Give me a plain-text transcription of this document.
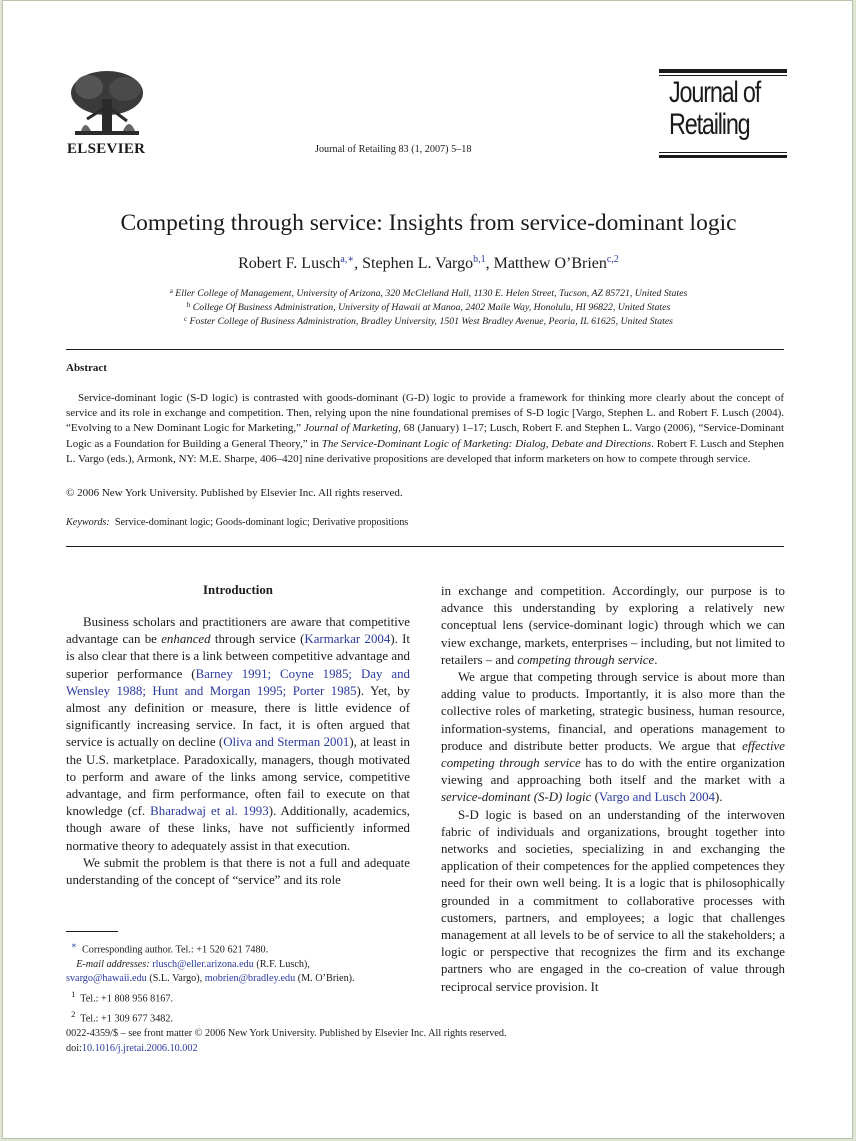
ELSEVIER	Journal of Retailing 83 (1, 2007) 5–18
Journal of
Retailing
Competing through service: Insights from service-dominant logic
Robert F. Lusch$^{a,∗}$, Stephen L. Vargo$^{b,1}$, Matthew O’Brien$^{c,2}$
$^a$ Eller College of Management, University of Arizona, 320 McClelland Hall, 1130 E. Helen Street, Tucson, AZ 85721, United States
$^b$ College Of Business Administration, University of Hawaii at Manoa, 2402 Maile Way, Honolulu, HI 96822, United States
$^c$ Foster College of Business Administration, Bradley University, 1501 West Bradley Avenue, Peoria, IL 61625, United States
Abstract

Service-dominant logic (S-D logic) is contrasted with goods-dominant (G-D) logic to provide a framework for thinking more clearly about the concept of service and its role in exchange and competition. Then, relying upon the nine foundational premises of S-D logic [Vargo, Stephen L. and Robert F. Lusch (2004). “Evolving to a New Dominant Logic for Marketing,” Journal of Marketing, 68 (January) 1–17; Lusch, Robert F. and Stephen L. Vargo (2006), “Service-Dominant Logic as a Foundation for Building a General Theory,” in The Service-Dominant Logic of Marketing: Dialog, Debate and Directions. Robert F. Lusch and Stephen L. Vargo (eds.), Armonk, NY: M.E. Sharpe, 406–420] nine derivative propositions are developed that inform marketers on how to compete through service.

© 2006 New York University. Published by Elsevier Inc. All rights reserved.
Keywords: Service-dominant logic; Goods-dominant logic; Derivative propositions
Introduction

Business scholars and practitioners are aware that competitive advantage can be enhanced through service (Karmarkar 2004). It is also clear that there is a link between competitive advantage and superior performance (Barney 1991; Coyne 1985; Day and Wensley 1988; Hunt and Morgan 1995; Porter 1985). Yet, by almost any definition or measure, there is little evidence of significantly increasing service. In fact, it is often argued that service is actually on decline (Oliva and Sterman 2001), at least in the U.S. marketplace. Paradoxically, managers, though motivated to perform and aware of the links among service, competitive advantage, and firm performance, often fail to execute on that knowledge (cf. Bharadwaj et al. 1993). Additionally, academics, though aware of these links, have not sufficiently informed normative theory to adequately assist in that execution.

We submit the problem is that there is not a full and adequate understanding of the concept of “service” and its role

∗ Corresponding author. Tel.: +1 520 621 7480.
E-mail addresses: rlusch@eller.arizona.edu (R.F. Lusch),
svargo@hawaii.edu (S.L. Vargo), mobrien@bradley.edu (M. O’Brien).
$^1$ Tel.: +1 808 956 8167.
$^2$ Tel.: +1 309 677 3482.

in exchange and competition. Accordingly, our purpose is to advance this understanding by exploring a relatively new conceptual lens (service-dominant logic) through which we can view exchange, markets, enterprises – including, but not limited to retailers – and competing through service.

We argue that competing through service is about more than adding value to products. Importantly, it is also more than the collective roles of marketing, strategic business, human resource, information-systems, financial, and operations management to produce and distribute better products. We argue that effective competing through service has to do with the entire organization viewing and approaching both itself and the market with a service-dominant (S-D) logic (Vargo and Lusch 2004).

S-D logic is based on an understanding of the interwoven fabric of individuals and organizations, brought together into networks and societies, specializing in and exchanging the application of their competences for the applied competences they need for their own well being. It is a logic that is philosophically grounded in a commitment to collaborative processes with customers, partners, and employees; a logic that challenges management at all levels to be of service to all the stakeholders; a logic or perspective that recognizes the firm and its exchange partners who are engaged in the co-creation of value through reciprocal service provision. It

0022-4359/$ – see front matter © 2006 New York University. Published by Elsevier Inc. All rights reserved.
doi:10.1016/j.jretai.2006.10.002
